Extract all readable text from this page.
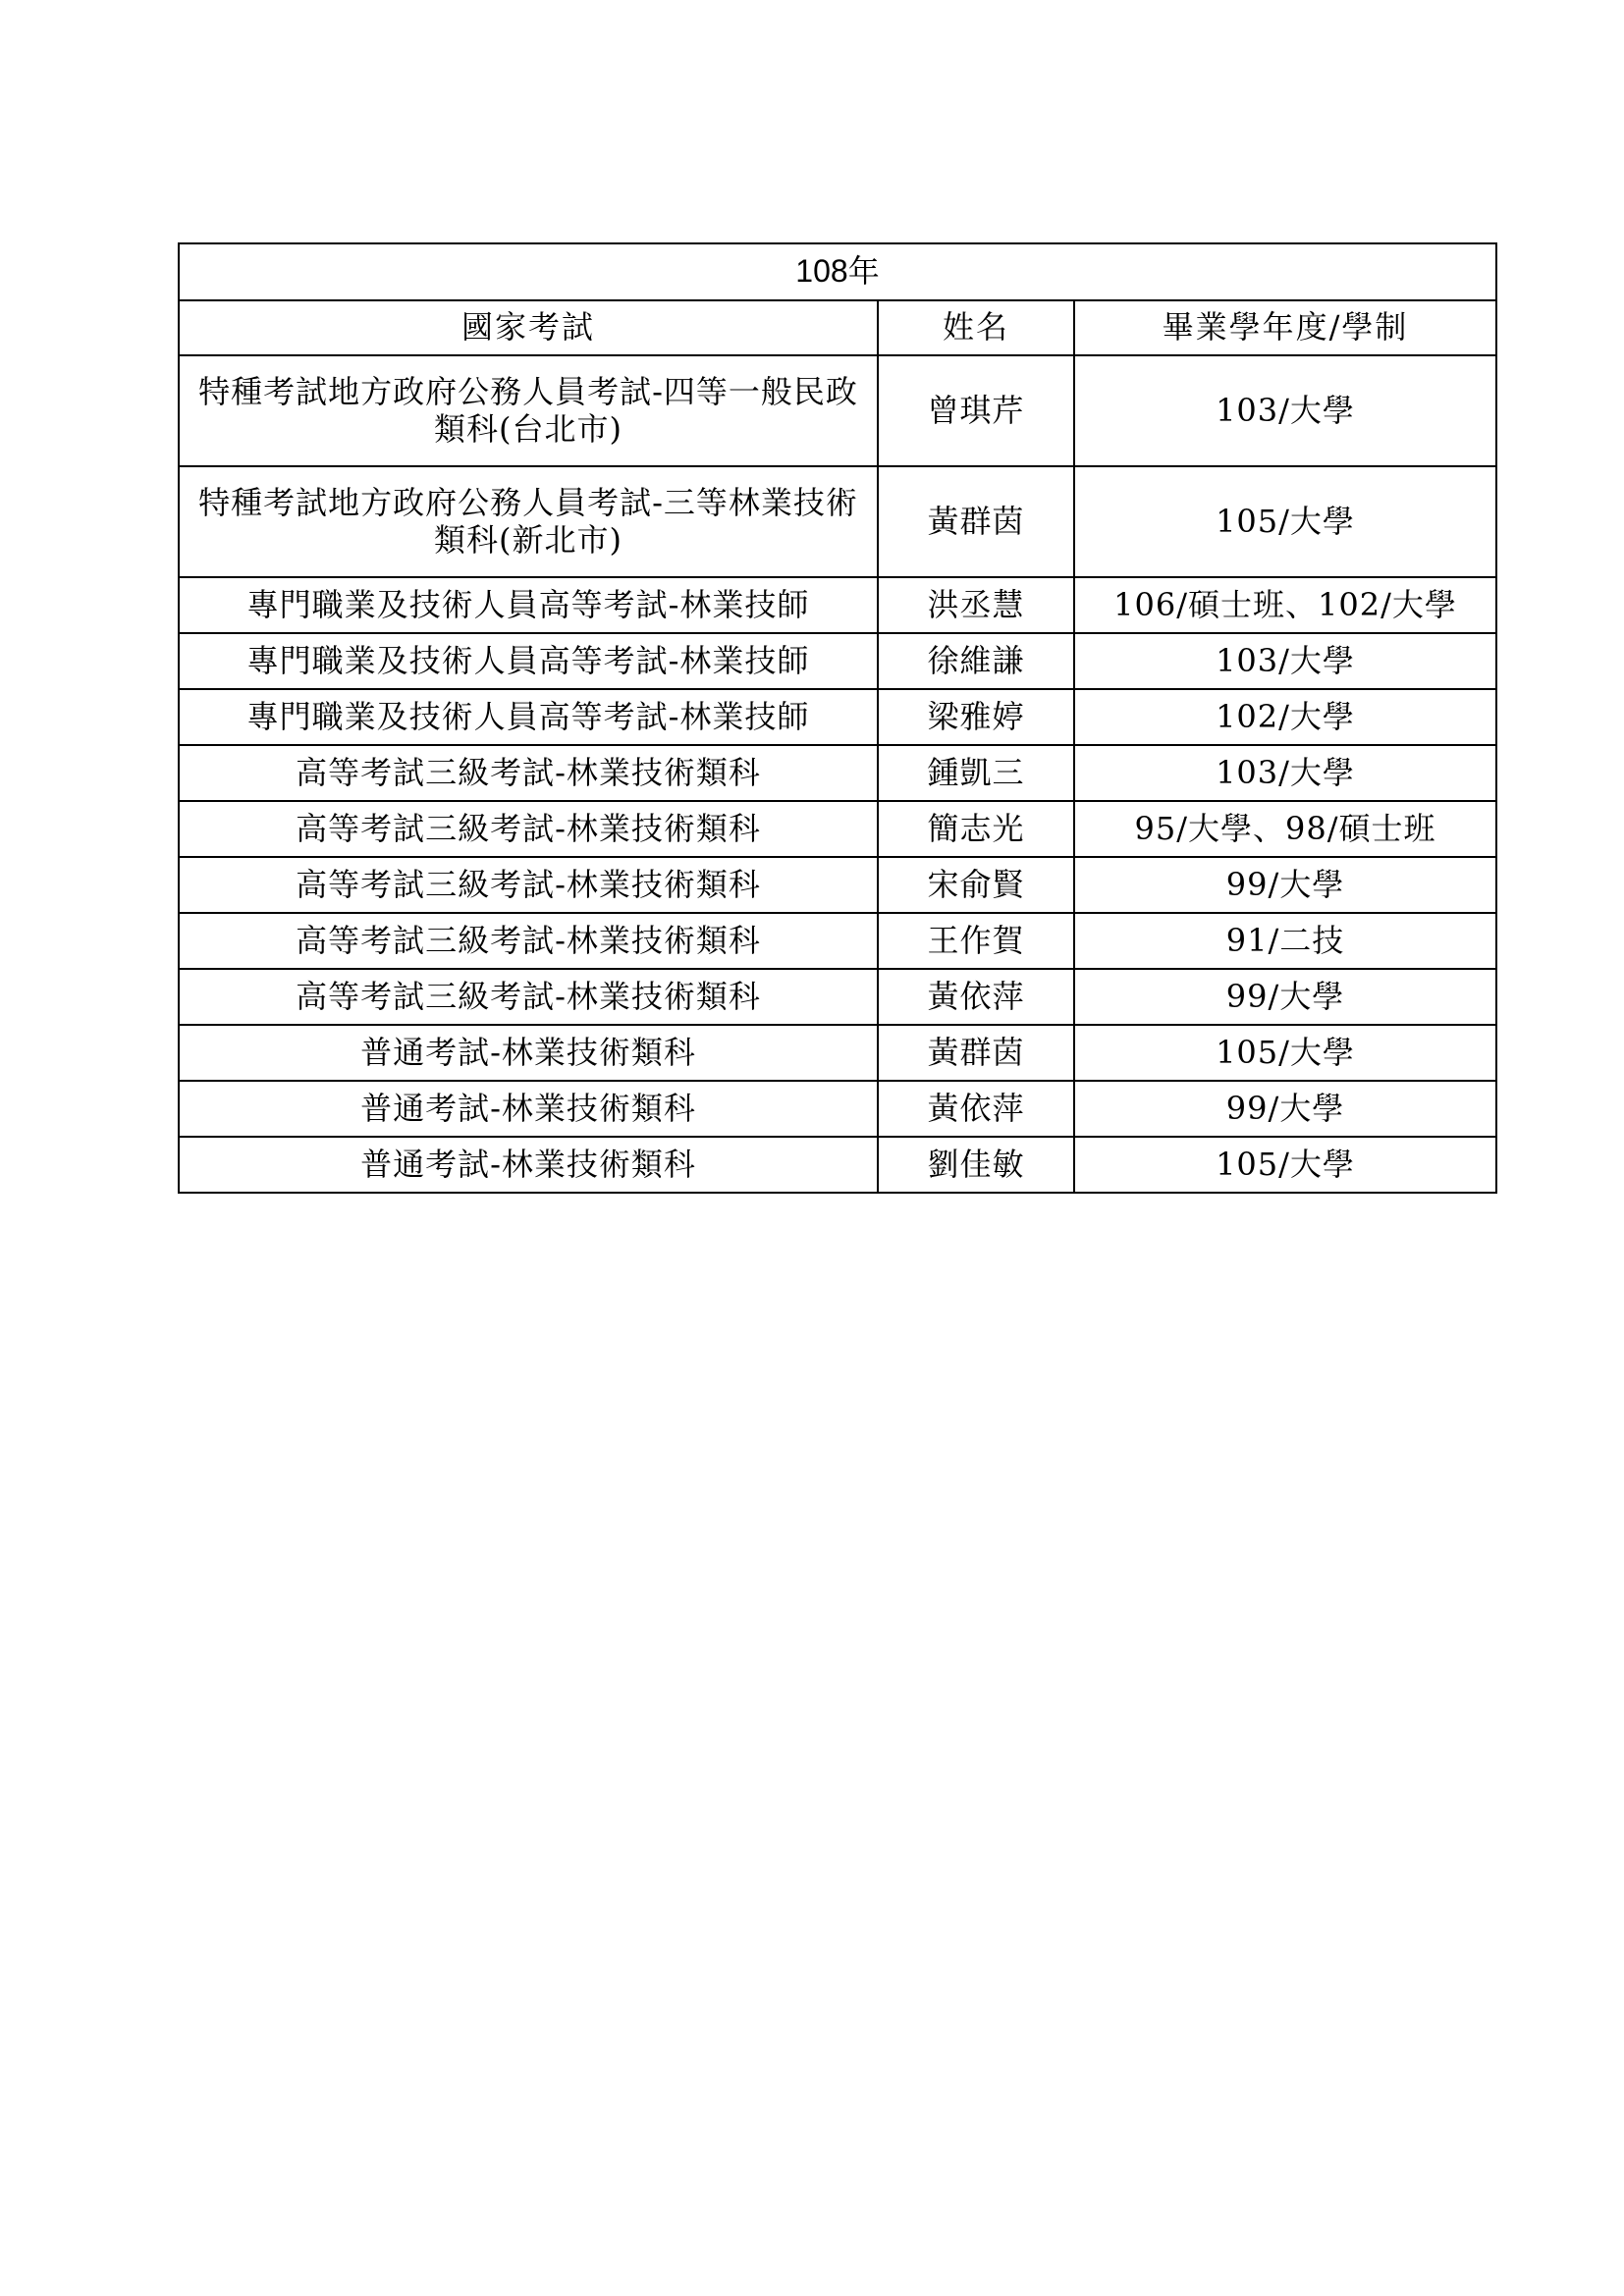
108年		
國家考試	姓名	畢業學年度/學制
特種考試地方政府公務人員考試-四等一般民政類科(台北市)	曾琪芹	103/大學
特種考試地方政府公務人員考試-三等林業技術類科(新北市)	黃群茵	105/大學
專門職業及技術人員高等考試-林業技師	洪丞慧	106/碩士班、102/大學
專門職業及技術人員高等考試-林業技師	徐維謙	103/大學
專門職業及技術人員高等考試-林業技師	梁雅婷	102/大學
高等考試三級考試-林業技術類科	鍾凱三	103/大學
高等考試三級考試-林業技術類科	簡志光	95/大學、98/碩士班
高等考試三級考試-林業技術類科	宋俞賢	99/大學
高等考試三級考試-林業技術類科	王作賀	91/二技
高等考試三級考試-林業技術類科	黃依萍	99/大學
普通考試-林業技術類科	黃群茵	105/大學
普通考試-林業技術類科	黃依萍	99/大學
普通考試-林業技術類科	劉佳敏	105/大學
